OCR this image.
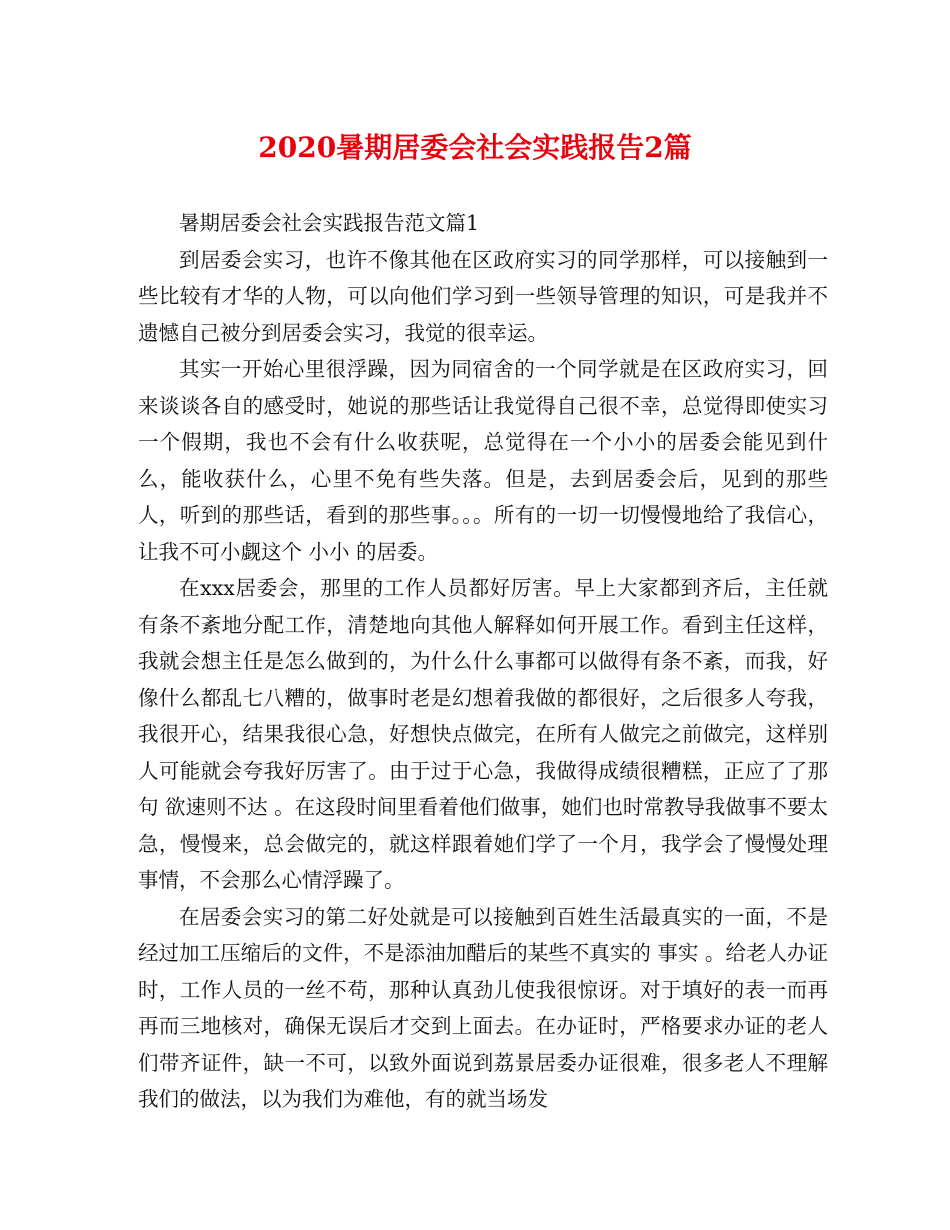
2020暑期居委会社会实践报告2篇

暑期居委会社会实践报告范文篇1

到居委会实习，也许不像其他在区政府实习的同学那样，可以接触到一些比较有才华的人物，可以向他们学习到一些领导管理的知识，可是我并不遗憾自己被分到居委会实习，我觉的很幸运。

其实一开始心里很浮躁，因为同宿舍的一个同学就是在区政府实习，回来谈谈各自的感受时，她说的那些话让我觉得自己很不幸，总觉得即使实习一个假期，我也不会有什么收获呢，总觉得在一个小小的居委会能见到什么，能收获什么，心里不免有些失落。但是，去到居委会后，见到的那些人，听到的那些话，看到的那些事。。。所有的一切一切慢慢地给了我信心，让我不可小觑这个 小小 的居委。

在xxx居委会，那里的工作人员都好厉害。早上大家都到齐后，主任就有条不紊地分配工作，清楚地向其他人解释如何开展工作。看到主任这样，我就会想主任是怎么做到的，为什么什么事都可以做得有条不紊，而我，好像什么都乱七八糟的，做事时老是幻想着我做的都很好，之后很多人夸我，我很开心，结果我很心急，好想快点做完，在所有人做完之前做完，这样别人可能就会夸我好厉害了。由于过于心急，我做得成绩很糟糕，正应了了那句 欲速则不达 。在这段时间里看着他们做事，她们也时常教导我做事不要太急，慢慢来，总会做完的，就这样跟着她们学了一个月，我学会了慢慢处理事情，不会那么心情浮躁了。

在居委会实习的第二好处就是可以接触到百姓生活最真实的一面，不是经过加工压缩后的文件，不是添油加醋后的某些不真实的 事实 。给老人办证时，工作人员的一丝不苟，那种认真劲儿使我很惊讶。对于填好的表一而再再而三地核对，确保无误后才交到上面去。在办证时，严格要求办证的老人们带齐证件，缺一不可，以致外面说到荔景居委办证很难，很多老人不理解我们的做法，以为我们为难他，有的就当场发
